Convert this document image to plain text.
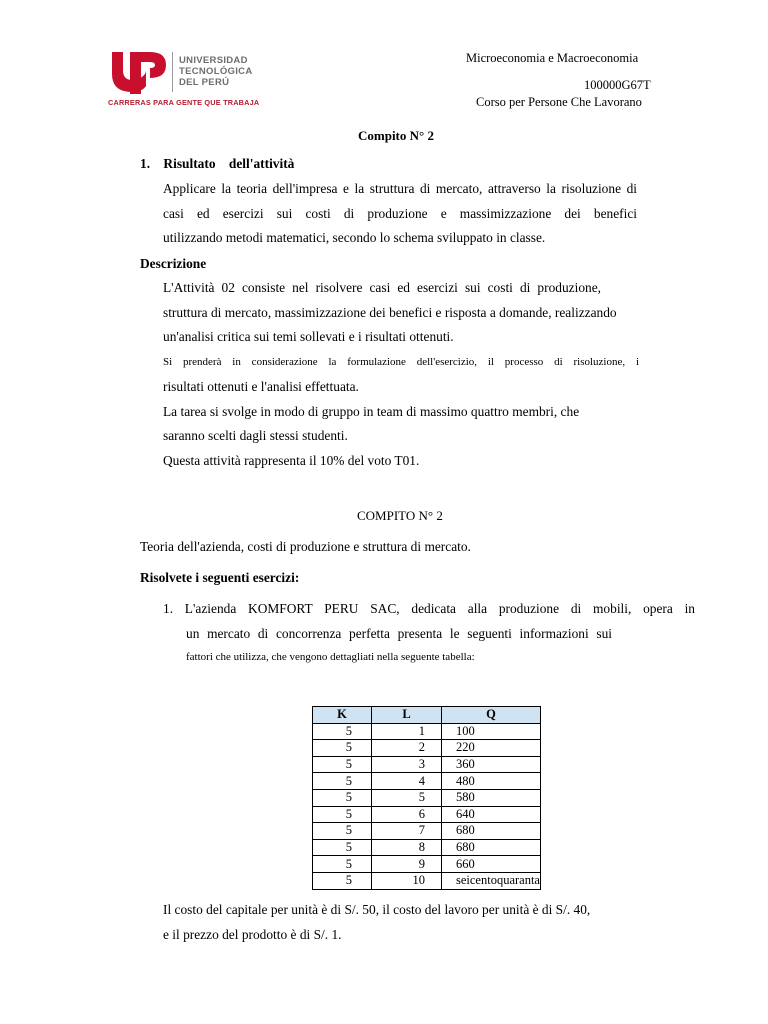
UNIVERSIDAD
TECNOLÓGICA
DEL PERÚ
CARRERAS PARA GENTE QUE TRABAJA
Microeconomia e Macroeconomia
100000G67T
Corso per Persone Che Lavorano
Compito N° 2
1.    Risultato    dell'attività
Applicare la teoria dell'impresa e la struttura di mercato, attraverso la risoluzione di
casi ed esercizi sui costi di produzione e massimizzazione dei benefici
utilizzando metodi matematici, secondo lo schema sviluppato in classe.
Descrizione
L'Attività 02 consiste nel risolvere casi ed esercizi sui costi di produzione,
struttura di mercato, massimizzazione dei benefici e risposta a domande, realizzando
un'analisi critica sui temi sollevati e i risultati ottenuti.
Si prenderà in considerazione la formulazione dell'esercizio, il processo di risoluzione, i
risultati ottenuti e l'analisi effettuata.
La tarea si svolge in modo di gruppo in team di massimo quattro membri, che
saranno scelti dagli stessi studenti.
Questa attività rappresenta il 10% del voto T01.
COMPITO N° 2
Teoria dell'azienda, costi di produzione e struttura di mercato.
Risolvete i seguenti esercizi:
1. L'azienda KOMFORT PERU SAC, dedicata alla produzione di mobili, opera in
un mercato di concorrenza perfetta presenta le seguenti informazioni sui
fattori che utilizza, che vengono dettagliati nella seguente tabella:
K	L	Q
5	1	100
5	2	220
5	3	360
5	4	480
5	5	580
5	6	640
5	7	680
5	8	680
5	9	660
5	10	seicentoquaranta
Il costo del capitale per unità è di S/. 50, il costo del lavoro per unità è di S/. 40,
e il prezzo del prodotto è di S/. 1.
